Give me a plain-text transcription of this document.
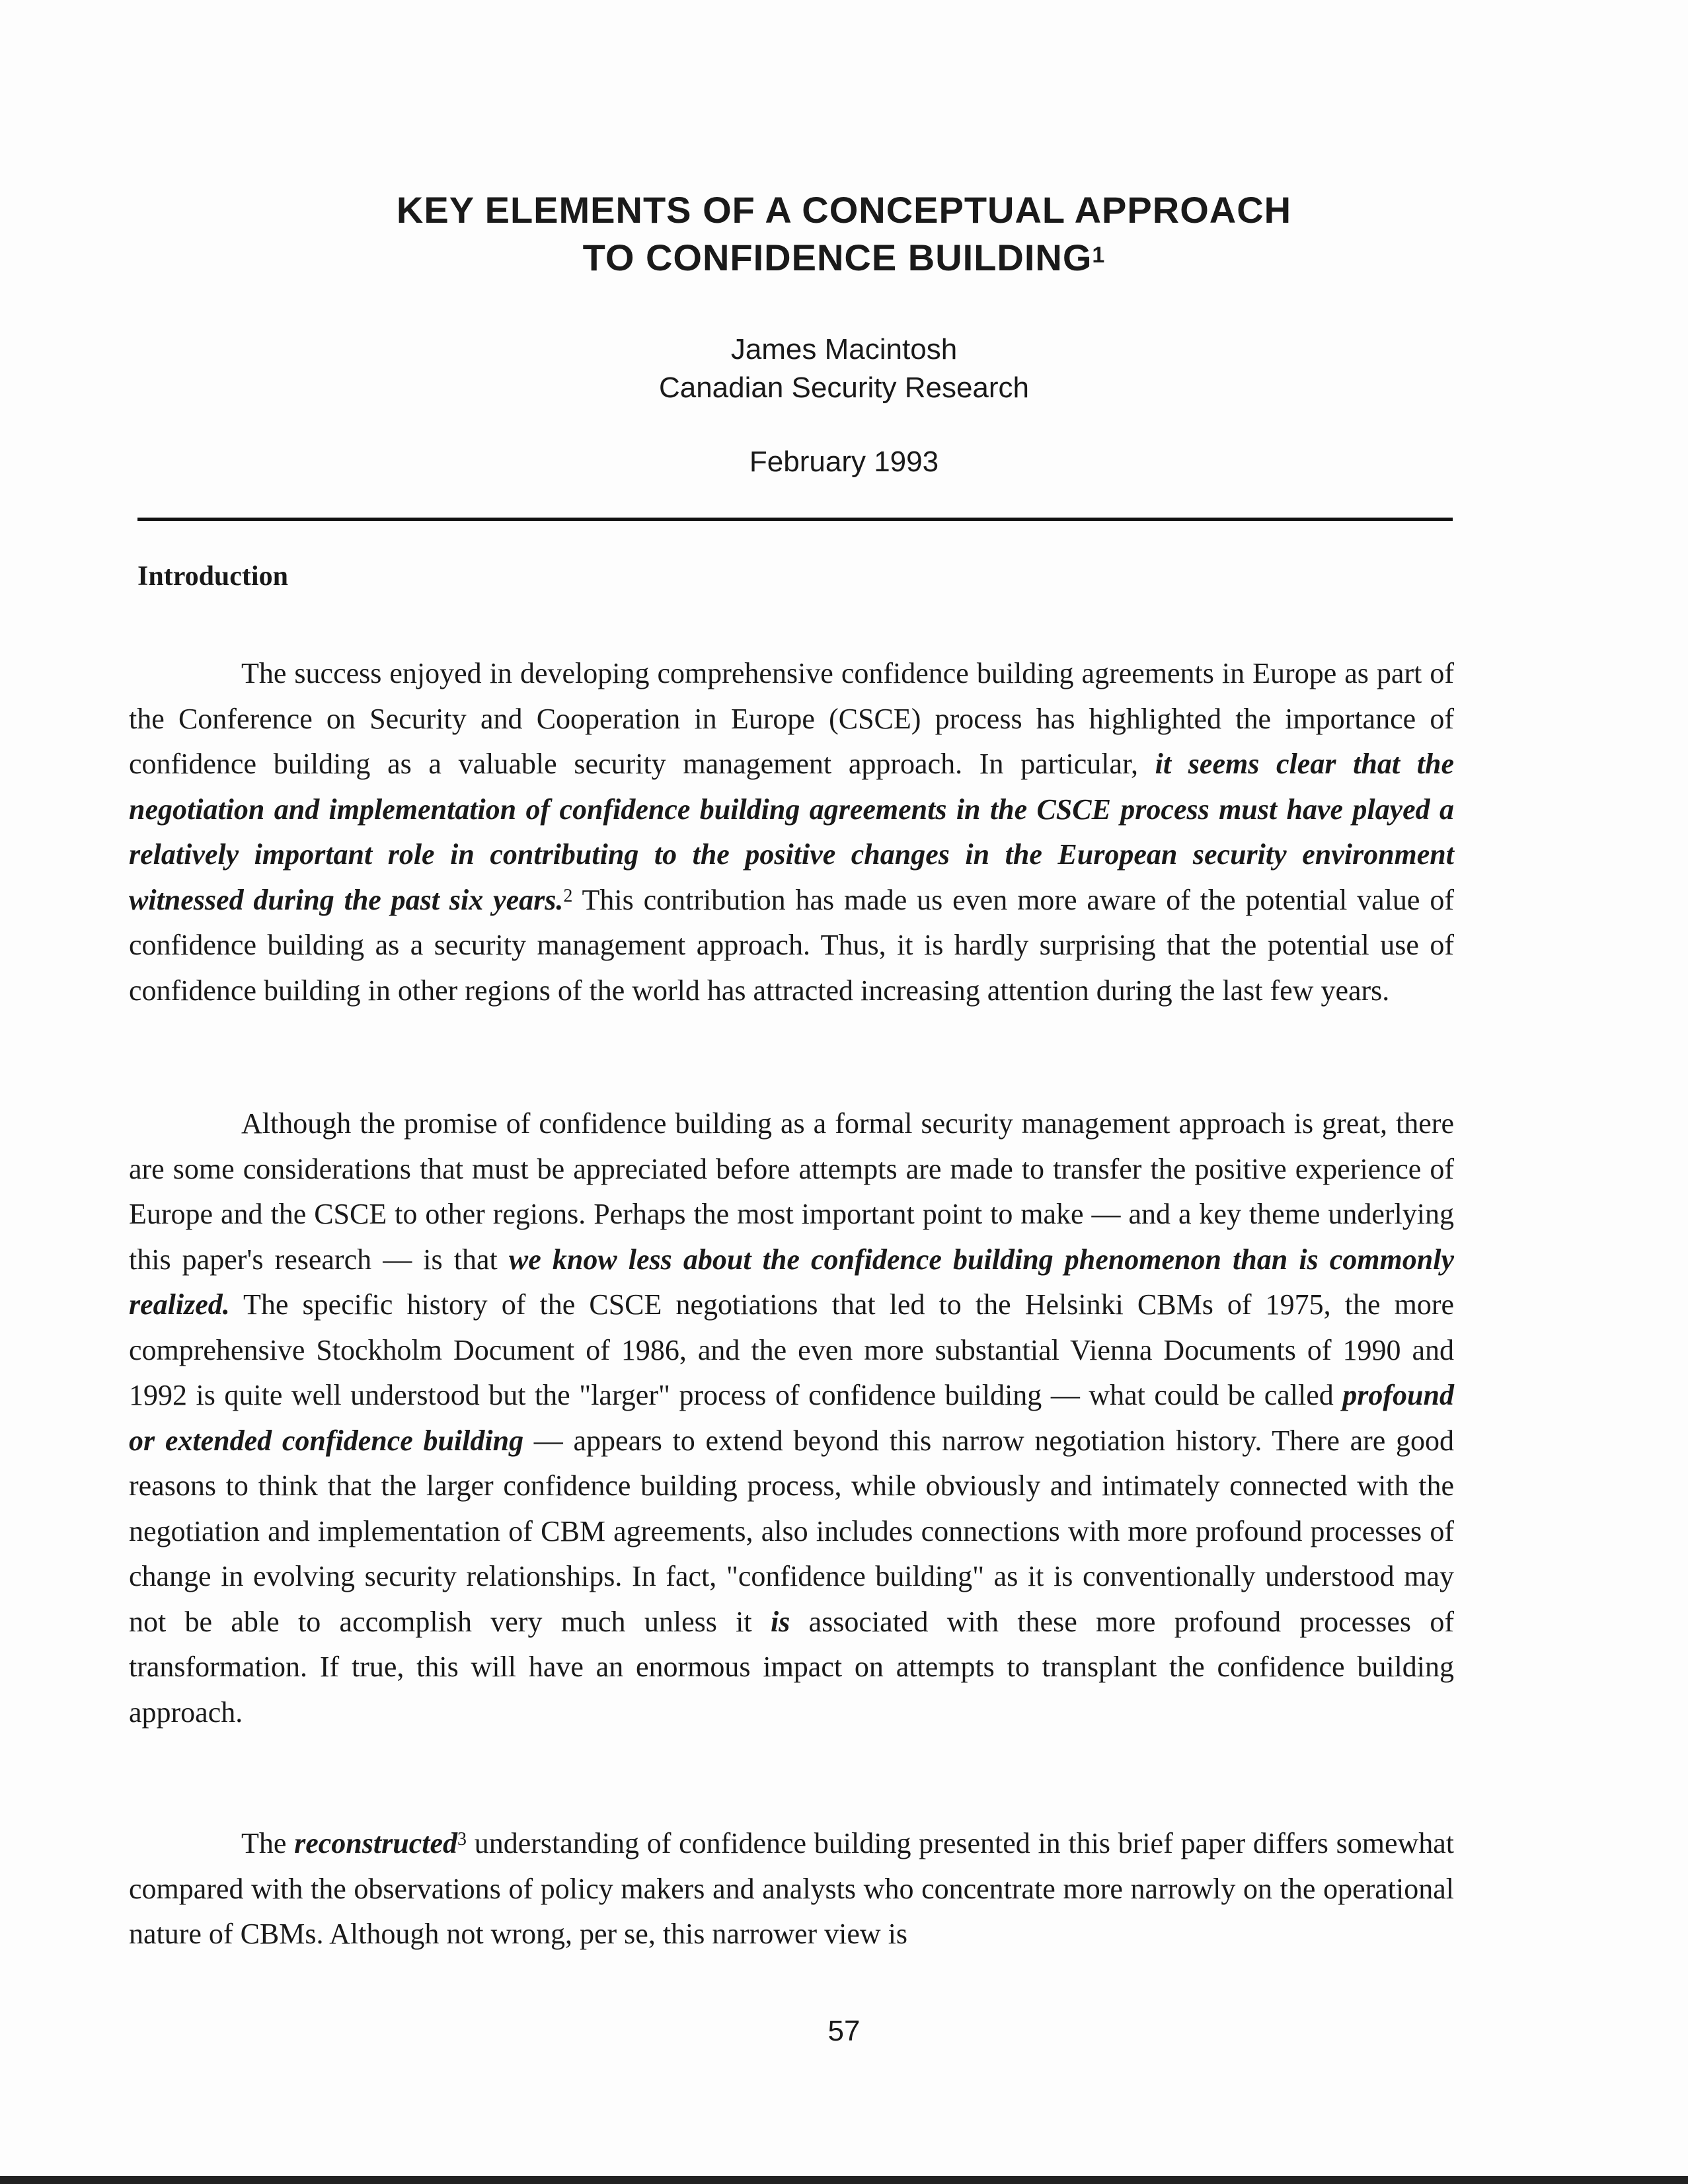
KEY ELEMENTS OF A CONCEPTUAL APPROACH
TO CONFIDENCE BUILDING$^1$
James Macintosh
Canadian Security Research
February 1993
Introduction

The success enjoyed in developing comprehensive confidence building agreements in Europe as part of the Conference on Security and Cooperation in Europe (CSCE) process has highlighted the importance of confidence building as a valuable security management approach. In particular, it seems clear that the negotiation and implementation of confidence building agreements in the CSCE process must have played a relatively important role in contributing to the positive changes in the European security environment witnessed during the past six years.$^2$ This contribution has made us even more aware of the potential value of confidence building as a security management approach. Thus, it is hardly surprising that the potential use of confidence building in other regions of the world has attracted increasing attention during the last few years.

Although the promise of confidence building as a formal security management approach is great, there are some considerations that must be appreciated before attempts are made to transfer the positive experience of Europe and the CSCE to other regions. Perhaps the most important point to make — and a key theme underlying this paper's research — is that we know less about the confidence building phenomenon than is commonly realized. The specific history of the CSCE negotiations that led to the Helsinki CBMs of 1975, the more comprehensive Stockholm Document of 1986, and the even more substantial Vienna Documents of 1990 and 1992 is quite well understood but the "larger" process of confidence building — what could be called profound or extended confidence building — appears to extend beyond this narrow negotiation history. There are good reasons to think that the larger confidence building process, while obviously and intimately connected with the negotiation and implementation of CBM agreements, also includes connections with more profound processes of change in evolving security relationships. In fact, "confidence building" as it is conventionally understood may not be able to accomplish very much unless it is associated with these more profound processes of transformation. If true, this will have an enormous impact on attempts to transplant the confidence building approach.

The reconstructed$^3$ understanding of confidence building presented in this brief paper differs somewhat compared with the observations of policy makers and analysts who concentrate more narrowly on the operational nature of CBMs. Although not wrong, per se, this narrower view is

57
